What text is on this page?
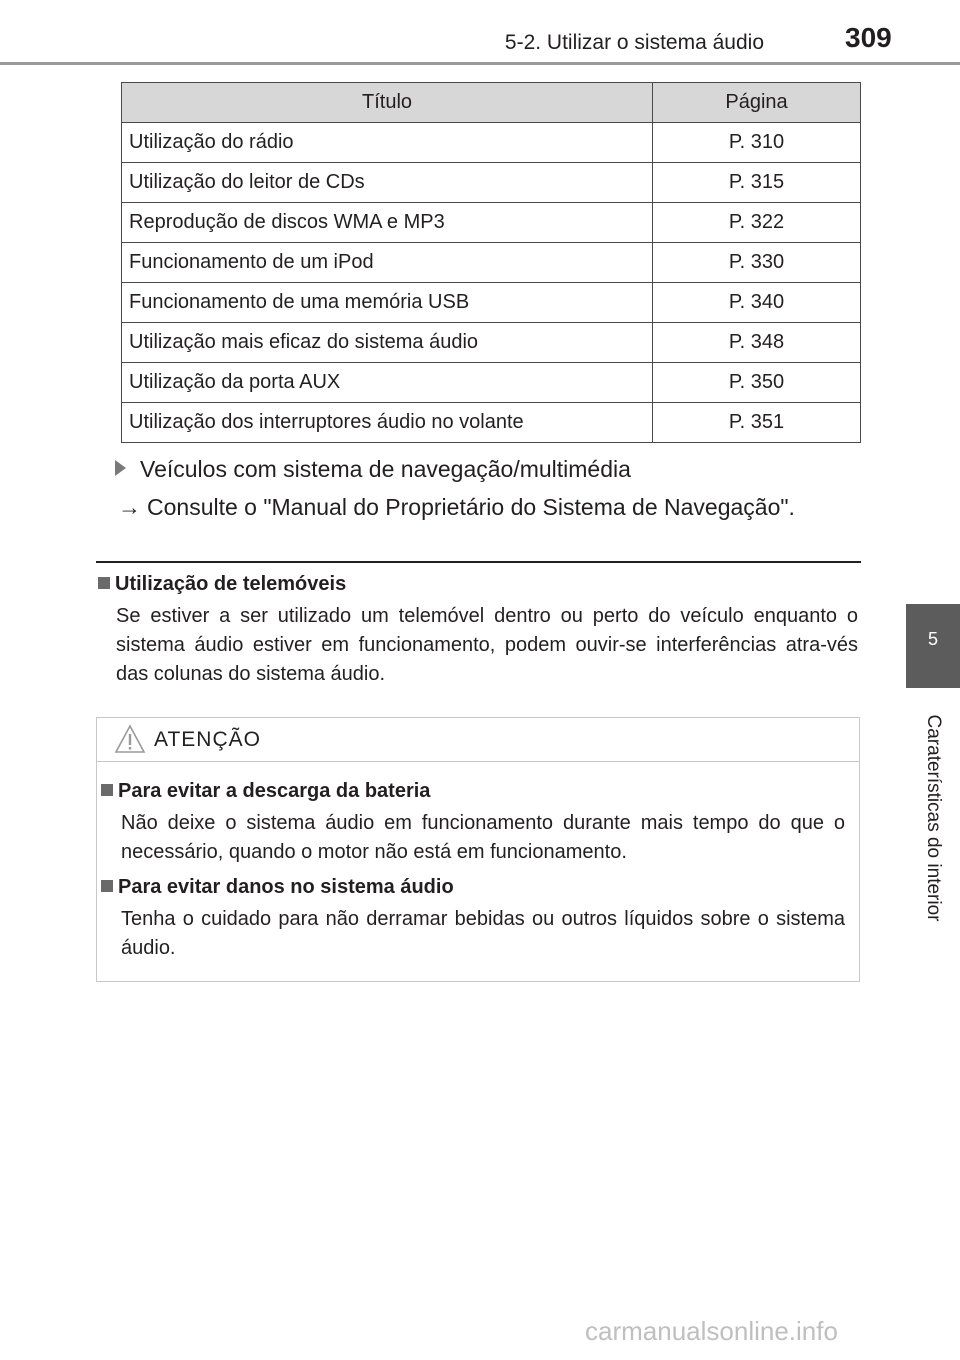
5-2. Utilizar o sistema áudio	309
5
Caraterísticas do interior
Título	Página
Utilização do rádio	P. 310
Utilização do leitor de CDs	P. 315
Reprodução de discos WMA e MP3	P. 322
Funcionamento de um iPod	P. 330
Funcionamento de uma memória USB	P. 340
Utilização mais eficaz do sistema áudio	P. 348
Utilização da porta AUX	P. 350
Utilização dos interruptores áudio no volante	P. 351
Veículos com sistema de navegação/multimédia
→ Consulte o "Manual do Proprietário do Sistema de Navegação".
Utilização de telemóveis
Se estiver a ser utilizado um telemóvel dentro ou perto do veículo enquanto o sistema áudio estiver em funcionamento, podem ouvir-se interferências atra-vés das colunas do sistema áudio.
ATENÇÃO
Para evitar a descarga da bateria
Não deixe o sistema áudio em funcionamento durante mais tempo do que o necessário, quando o motor não está em funcionamento.
Para evitar danos no sistema áudio
Tenha o cuidado para não derramar bebidas ou outros líquidos sobre o sistema áudio.
carmanualsonline.info
